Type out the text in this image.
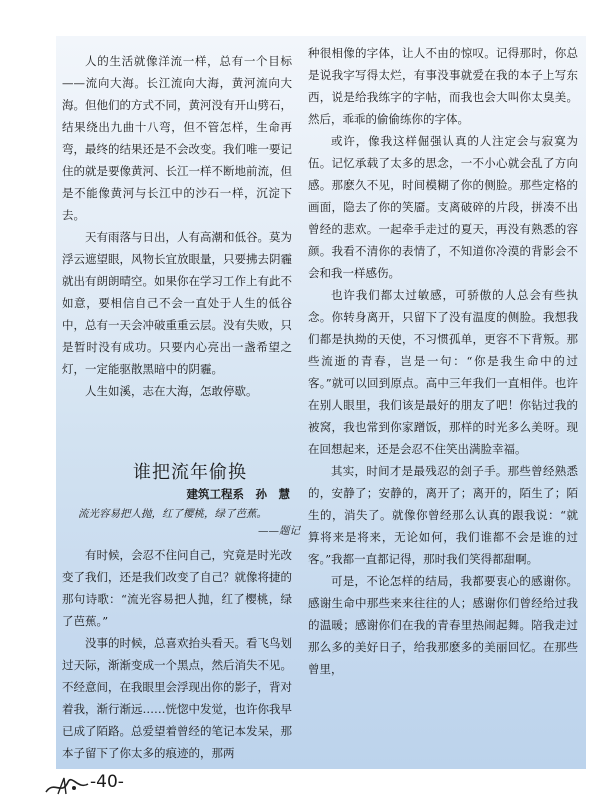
人的生活就像洋流一样，总有一个目标——流向大海。长江流向大海，黄河流向大海。但他们的方式不同，黄河没有开山劈石，结果绕出九曲十八弯，但不管怎样，生命再弯，最终的结果还是不会改变。我们唯一要记住的就是要像黄河、长江一样不断地前流，但是不能像黄河与长江中的沙石一样，沉淀下去。

天有雨落与日出，人有高潮和低谷。莫为浮云遮望眼，风物长宜放眼量，只要拂去阴霾就出有朗朗晴空。如果你在学习工作上有此不如意，要相信自己不会一直处于人生的低谷中，总有一天会冲破重重云层。没有失败，只是暂时没有成功。只要内心亮出一盏希望之灯，一定能驱散黑暗中的阴霾。

人生如溪，志在大海，怎敢停歇。

谁把流年偷换
建筑工程系　孙　慧
流光容易把人抛，红了樱桃，绿了芭蕉。
——题记

有时候，会忍不住问自己，究竟是时光改变了我们，还是我们改变了自己？就像将捷的那句诗歌：“流光容易把人抛，红了樱桃，绿了芭蕉。”

没事的时候，总喜欢抬头看天。看飞鸟划过天际，渐渐变成一个黑点，然后消失不见。不经意间，在我眼里会浮现出你的影子，背对着我，渐行渐远……恍惚中发觉，也许你我早已成了陌路。总爱望着曾经的笔记本发呆，那本子留下了你太多的痕迹的，那两

种很相像的字体，让人不由的惊叹。记得那时，你总是说我字写得太烂，有事没事就爱在我的本子上写东西，说是给我练字的字帖，而我也会大叫你太臭美。然后，乖乖的偷偷练你的字体。

或许，像我这样倔强认真的人注定会与寂寞为伍。记忆承载了太多的思念，一不小心就会乱了方向感。那麽久不见，时间模糊了你的侧脸。那些定格的画面，隐去了你的笑靥。支离破碎的片段，拼凑不出曾经的悲欢。一起牵手走过的夏天，再没有熟悉的容颜。我看不清你的表情了，不知道你冷漠的背影会不会和我一样感伤。

也许我们都太过敏感，可骄傲的人总会有些执念。你转身离开，只留下了没有温度的侧脸。我想我们都是执拗的天使，不习惯孤单，更容不下背叛。那些流逝的青春，岂是一句：“你是我生命中的过客。”就可以回到原点。高中三年我们一直相伴。也许在别人眼里，我们该是最好的朋友了吧！你钻过我的被窝，我也常到你家蹭饭，那样的时光多么美呀。现在回想起来，还是会忍不住笑出满脸幸福。

其实，时间才是最残忍的刽子手。那些曾经熟悉的，安静了；安静的，离开了；离开的，陌生了；陌生的，消失了。就像你曾经那么认真的跟我说：“就算将来是将来，无论如何，我们谁都不会是谁的过客。”我都一直都记得，那时我们笑得都甜啊。

可是，不论怎样的结局，我都要衷心的感谢你。感谢生命中那些来来往往的人；感谢你们曾经给过我的温暖；感谢你们在我的青春里热闹起舞。陪我走过那么多的美好日子，给我那麽多的美丽回忆。在那些曾里，

-40-
